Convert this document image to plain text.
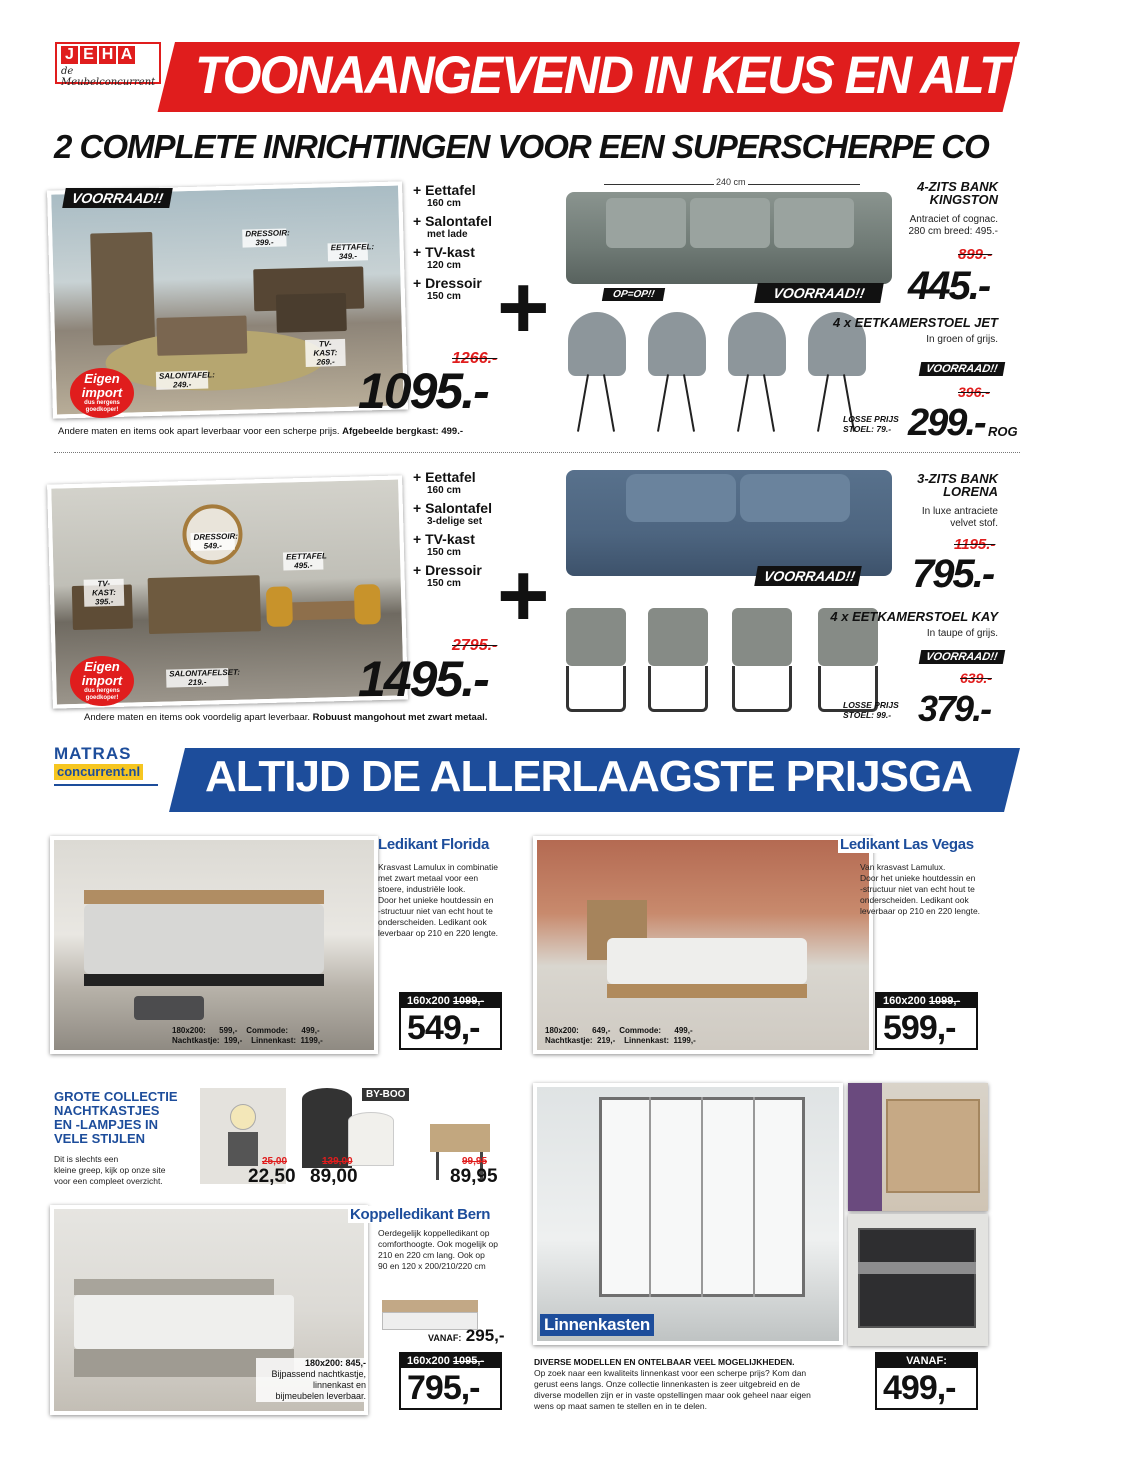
TOONAANGEVEND IN KEUS EN ALTIJD D
J E H A
de Meubelconcurrent
2 COMPLETE INRICHTINGEN VOOR EEN SUPERSCHERPE CO
DRESSOIR: 399.-	EETTAFEL: 349.-
TV-KAST: 269.-
SALONTAFEL: 249.-
VOORRAAD!!
Eigen import
dus nergens goedkoper!
+ Eettafel
160 cm
+ Salontafel
met lade
+ TV-kast
120 cm
+ Dressoir
150 cm +
1266.-
1095.-
Andere maten en items ook apart leverbaar voor een scherpe prijs. Afgebeelde bergkast: 499.-
240 cm	4-ZITS BANK
KINGSTON
Antraciet of cognac.
280 cm breed: 495.-
OP=OP!!	VOORRAAD!!
899.-
445.-
4 x EETKAMERSTOEL JET
In groen of grijs.
VOORRAAD!!
396.-
LOSSE PRIJS
STOEL: 79.- 299.- ROG
DRESSOIR: 549.-
EETTAFEL 495.-
TV-KAST: 395.-
SALONTAFELSET: 219.-
Eigen import
dus nergens goedkoper!
+ Eettafel
160 cm
+ Salontafel
3-delige set
+ TV-kast
150 cm
+ Dressoir
150 cm +
2795.-
1495.-
Andere maten en items ook voordelig apart leverbaar. Robuust mangohout met zwart metaal.
3-ZITS BANK
LORENA
In luxe antraciete
velvet stof.
VOORRAAD!!
1195.-
795.-
4 x EETKAMERSTOEL KAY
In taupe of grijs.
VOORRAAD!!
639.-
LOSSE PRIJS
STOEL: 99.- 379.-
ALTIJD DE ALLERLAAGSTE PRIJSGA
MATRAS
concurrent.nl
180x200:      599,-    Commode:      499,-
Nachtkastje:  199,-    Linnenkast:  1199,-
Ledikant Florida
Krasvast Lamulux in combinatie
met zwart metaal voor een
stoere, industriële look.
Door het unieke houtdessin en
-structuur niet van echt hout te
onderscheiden. Ledikant ook
leverbaar op 210 en 220 lengte.
160x200 1099,-
549,-	180x200:      649,-    Commode:      499,-
Nachtkastje:  219,-    Linnenkast:  1199,-
Ledikant Las Vegas
Van krasvast Lamulux.
Door het unieke houtdessin en
-structuur niet van echt hout te
onderscheiden. Ledikant ook
leverbaar op 210 en 220 lengte.
160x200 1099,-
599,-
GROTE COLLECTIE
NACHTKASTJES
EN -LAMPJES IN
VELE STIJLEN
Dit is slechts een
kleine greep, kijk op onze site
voor een compleet overzicht.
BY-BOO
25,00
22,50
139,00
89,00
99,95
89,95
180x200: 845,-
Bijpassend nachtkastje,
linnenkast en
bijmeubelen leverbaar.
Koppelledikant Bern
Oerdegelijk koppelledikant op
comforthoogte. Ook mogelijk op
210 en 220 cm lang. Ook op
90 en 120 x 200/210/220 cm
VANAF: 295,-
160x200 1095,-
795,-
Linnenkasten
DIVERSE MODELLEN EN ONTELBAAR VEEL MOGELIJKHEDEN.
Op zoek naar een kwaliteits linnenkast voor een scherpe prijs? Kom dan
gerust eens langs. Onze collectie linnenkasten is zeer uitgebreid en de
diverse modellen zijn er in vaste opstellingen maar ook geheel naar eigen
wens op maat samen te stellen en in te delen.
VANAF:
499,-
